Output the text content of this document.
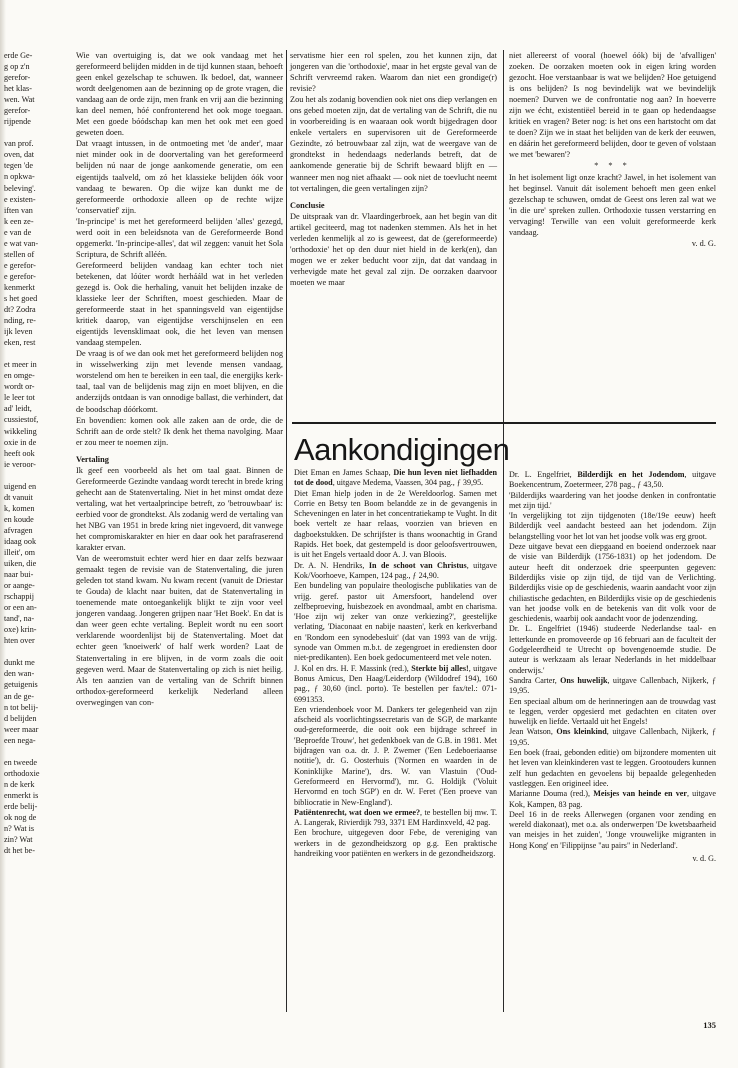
erde Ge-
g op z'n
gerefor-
het klas-
wen. Wat
gerefor-
rijpende

van prof.
oven, dat
tegen 'de
n opkwa-
beleving'.
e existen-
iften van
k een ze-
e van de
e wat van-
stellen of
e gerefor-
e gerefor-
kenmerkt
s het goed
dt? Zodra
nding, re-
ijk leven
eken, rest

et meer in
en omge-
wordt or-
le leer tot
ad' leidt,
cussiestof,
wikkeling
oxie in de
heeft ook
ie veroor-

uigend en
dt vanuit
k, komen
en koude
afvragen
idaag ook
illeit', om
uiken, die
naar bui-
or aange-
rschappij
or een an-
tand', na-
oxe) krin-
hten over

dunkt me
den wan-
getuigenis
an de ge-
n tot belij-
d belijden
weer maar
een nega-

en tweede
orthodoxie
n de kerk
enmerkt is
erde belij-
ok nog de
n? Wat is
zin? Wat
dt het be-

Wie van overtuiging is, dat we ook vandaag met het gereformeerd belijden midden in de tijd kunnen staan, behoeft geen enkel gezelschap te schuwen. Ik bedoel, dat, wanneer wordt deelgenomen aan de bezinning op de grote vragen, die vandaag aan de orde zijn, men frank en vrij aan die bezinning kan deel nemen, hóé confronterend het ook moge toegaan. Met een goede bóódschap kan men het ook met een goed geweten doen.

Dat vraagt intussen, in de ontmoeting met 'de ander', maar niet minder ook in de doorvertaling van het gereformeerd belijden nú naar de jonge aankomende generatie, om een eigentijds taalveld, om zó het klassieke belijden óók voor vandaag te bewaren. Op die wijze kan dunkt me de gereformeerde orthodoxie alleen op de rechte wijze 'conservatief' zijn.

'In-principe' is met het gereformeerd belijden 'alles' gezegd, werd ooit in een beleidsnota van de Gereformeerde Bond opgemerkt. 'In-principe-alles', dat wil zeggen: vanuit het Sola Scriptura, de Schrift alléén.

Gereformeerd belijden vandaag kan echter toch niet betekenen, dat lóúter wordt herhááld wat in het verleden gezegd is. Ook die herhaling, vanuit het belijden inzake de klassieke leer der Schriften, moest geschieden. Maar de gereformeerde staat in het spanningsveld van eigentijdse kritiek daarop, van eigentijdse verschijnselen en een eigentijds levensklimaat ook, die het leven van mensen vandaag stempelen.

De vraag is of we dan ook met het gereformeerd belijden nog in wisselwerking zijn met levende mensen vandaag, worstelend om hen te bereiken in een taal, die energijks kerk-taal, taal van de belijdenis mag zijn en moet blijven, en die anderzijds ontdaan is van onnodige ballast, die verhindert, dat de boodschap dóórkomt.

En bovendien: komen ook alle zaken aan de orde, die de Schrift aan de orde stelt? Ik denk het thema navolging. Maar er zou meer te noemen zijn.

Vertaling

Ik geef een voorbeeld als het om taal gaat. Binnen de Gereformeerde Gezindte vandaag wordt terecht in brede kring gehecht aan de Statenvertaling. Niet in het minst omdat deze vertaling, wat het vertaalprincipe betreft, zo 'betrouwbaar' is: eerbied voor de grondtekst. Als zodanig werd de vertaling van het NBG van 1951 in brede kring niet ingevoerd, dit vanwege het compromiskarakter en hier en daar ook het parafraserend karakter ervan.

Van de weeromstuit echter werd hier en daar zelfs bezwaar gemaakt tegen de revisie van de Statenvertaling, die juren geleden tot stand kwam. Nu kwam recent (vanuit de Driestar te Gouda) de klacht naar buiten, dat de Statenvertaling in toenemende mate ontoegankelijk blijkt te zijn voor veel jongeren vandaag. Jongeren grijpen naar 'Het Boek'. En dat is dan weer geen echte vertaling. Bepleit wordt nu een soort verklarende woordenlijst bij de Statenvertaling. Moet dat echter geen 'knoeiwerk' of half werk worden? Laat de Statenvertaling in ere blijven, in de vorm zoals die ooit gegeven werd. Maar de Statenvertaling op zich is niet heilig. Als ten aanzien van de vertaling van de Schrift binnen orthodox-gereformeerd kerkelijk Nederland alleen overwegingen van con-

servatisme hier een rol spelen, zou het kunnen zijn, dat jongeren van die 'orthodoxie', maar in het ergste geval van de Schrift vervreemd raken. Waarom dan niet een grondige(r) revisie?

Zou het als zodanig bovendien ook niet ons diep verlangen en ons gebed moeten zijn, dat de vertaling van de Schrift, die nu in voorbereiding is en waaraan ook wordt bijgedragen door enkele vertalers en supervisoren uit de Gereformeerde Gezindte, zó betrouwbaar zal zijn, wat de weergave van de grondtekst in hedendaags nederlands betreft, dat de aankomende generatie bij de Schrift bewaard blijft en — wanneer men nog niet afhaakt — ook niet de toevlucht neemt tot vertalingen, die geen vertalingen zijn?

Conclusie

De uitspraak van dr. Vlaardingerbroek, aan het begin van dit artikel geciteerd, mag tot nadenken stemmen. Als het in het verleden kenmelijk al zo is geweest, dat de (gereformeerde) 'orthodoxie' het op den duur niet hield in de kerk(en), dan mogen we er zeker beducht voor zijn, dat dat vandaag in verhevigde mate het geval zal zijn. De oorzaken daarvoor moeten we maar

niet allereerst of vooral (hoewel óók) bij de 'afvalligen' zoeken. De oorzaken moeten ook in eigen kring worden gezocht. Hoe verstaanbaar is wat we belijden? Hoe getuigend is ons belijden? Is nog bevindelijk wat we bevindelijk noemen? Durven we de confrontatie nog aan? In hoeverre zijn we écht, existentiëel bereid in te gaan op hedendaagse kritiek en vragen? Beter nog: is het ons een hartstocht om dat te doen? Zijn we in staat het belijden van de kerk der eeuwen, en dáárin het gereformeerd belijden, door te geven of volstaan we met 'bewaren'?

* * *

In het isolement ligt onze kracht? Jawel, in het isolement van het beginsel. Vanuit dát isolement behoeft men geen enkel gezelschap te schuwen, omdat de Geest ons leren zal wat we 'in die ure' spreken zullen. Orthodoxie tussen verstarring en vervaging! Terwille van een voluit gereformeerde kerk vandaag.

v. d. G.

Aankondigingen

Diet Eman en James Schaap, Die hun leven niet liefhadden tot de dood, uitgave Medema, Vaassen, 304 pag., ƒ 39,95.

Diet Eman hielp joden in de 2e Wereldoorlog. Samen met Corrie en Betsy ten Boom belandde ze in de gevangenis in Scheveningen en later in het concentratiekamp te Vught. In dit boek vertelt ze haar relaas, voorzien van brieven en dagboekstukken. De schrijfster is thans woonachtig in Grand Rapids. Het boek, dat gestempeld is door geloofsvertrouwen, is uit het Engels vertaald door A. J. van Bloois.

Dr. A. N. Hendriks, In de schoot van Christus, uitgave Kok/Voorhoeve, Kampen, 124 pag., ƒ 24,90.

Een bundeling van populaire theologische publikaties van de vrijg. geref. pastor uit Amersfoort, handelend over zelfbeproeving, huisbezoek en avondmaal, ambt en charisma. 'Hoe zijn wij zeker van onze verkiezing?', geestelijke verlating, 'Diaconaat en nabije naasten', kerk en kerkverband en 'Rondom een synodebesluit' (dat van 1993 van de vrijg. synode van Ommen m.b.t. de zegengroet in erediensten door niet-predikanten). Een boek gedocumenteerd met vele noten.

J. Kol en drs. H. F. Massink (red.), Sterkte bij alles!, uitgave Bonus Amicus, Den Haag/Leiderdorp (Wildodref 194), 160 pag., ƒ 30,60 (incl. porto). Te bestellen per fax/tel.: 071-6991353.

Een vriendenboek voor M. Dankers ter gelegenheid van zijn afscheid als voorlichtingssecretaris van de SGP, de markante oud-gereformeerde, die ooit ook een bijdrage schreef in 'Beproefde Trouw', het gedenkboek van de G.B. in 1981. Met bijdragen van o.a. dr. J. P. Zwemer ('Een Ledeboeriaanse notitie'), dr. G. Oosterhuis ('Normen en waarden in de Koninklijke Marine'), drs. W. van Vlastuin ('Oud-Gereformeerd en Hervormd'), mr. G. Holdijk ('Voluit Hervormd en toch SGP') en dr. W. Feret ('Een proeve van bibliocratie in New-England').

Patiëntenrecht, wat doen we ermee?, te bestellen bij mw. T. A. Langerak, Rivierdijk 793, 3371 EM Hardinxveld, 42 pag.

Een brochure, uitgegeven door Febe, de vereniging van werkers in de gezondheidszorg op g.g. Een praktische handreiking voor patiënten en werkers in de gezondheidszorg.

Dr. L. Engelfriet, Bilderdijk en het Jodendom, uitgave Boekencentrum, Zoetermeer, 278 pag., ƒ 43,50.

'Bilderdijks waardering van het joodse denken in confrontatie met zijn tijd.'

'In vergelijking tot zijn tijdgenoten (18e/19e eeuw) heeft Bilderdijk veel aandacht besteed aan het jodendom. Zijn belangstelling voor het lot van het joodse volk was erg groot.

Deze uitgave bevat een diepgaand en boeiend onderzoek naar de visie van Bilderdijk (1756-1831) op het jodendom. De auteur heeft dit onderzoek drie speerpunten gegeven: Bilderdijks visie op zijn tijd, de tijd van de Verlichting. Bilderdijks visie op de geschiedenis, waarin aandacht voor zijn chiliastische gedachten, en Bilderdijks visie op de geschiedenis van het joodse volk en de betekenis van dit volk voor de geschiedenis, waarbij ook aandacht voor de jodenzending.

Dr. L. Engelfriet (1946) studeerde Nederlandse taal- en letterkunde en promoveerde op 16 februari aan de faculteit der Godgeleerdheid te Utrecht op bovengenoemde studie. De auteur is werkzaam als leraar Nederlands in het middelbaar onderwijs.'

Sandra Carter, Ons huwelijk, uitgave Callenbach, Nijkerk, ƒ 19,95.

Een speciaal album om de herinneringen aan de trouwdag vast te leggen, verder opgesierd met gedachten en citaten over huwelijk en liefde. Vertaald uit het Engels!

Jean Watson, Ons kleinkind, uitgave Callenbach, Nijkerk, ƒ 19,95.

Een boek (fraai, gebonden editie) om bijzondere momenten uit het leven van kleinkinderen vast te leggen. Grootouders kunnen zelf hun gedachten en gevoelens bij bepaalde gelegenheden vastleggen. Een origineel idee.

Marianne Douma (red.), Meisjes van heinde en ver, uitgave Kok, Kampen, 83 pag.

Deel 16 in de reeks Allerwegen (organen voor zending en wereld diakonaat), met o.a. als onderwerpen 'De kwetsbaarheid van meisjes in het zuiden', 'Jonge vrouwelijke migranten in Hong Kong' en 'Filippijnse "au pairs" in Nederland'.

v. d. G.

135
